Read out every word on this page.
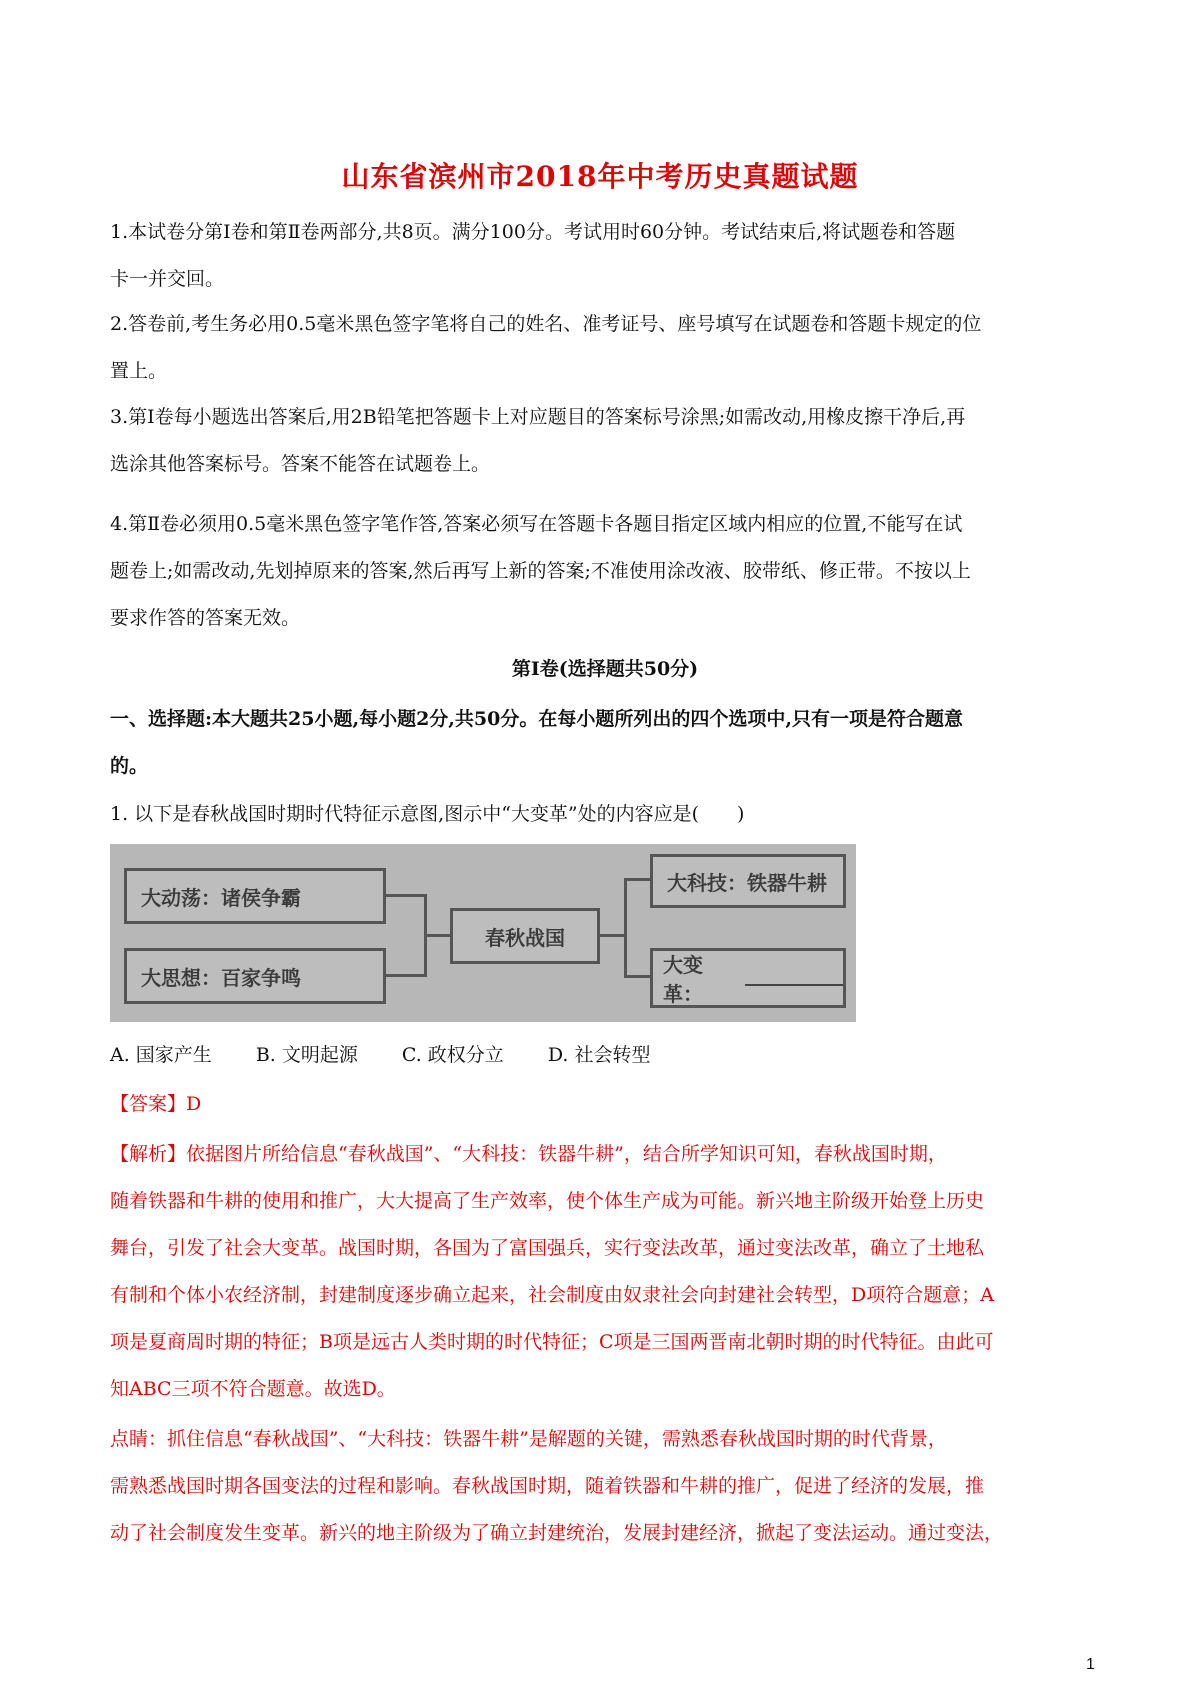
山东省滨州市2018年中考历史真题试题
1.本试卷分第Ⅰ卷和第Ⅱ卷两部分,共8页。满分100分。考试用时60分钟。考试结束后,将试题卷和答题
卡一并交回。
2.答卷前,考生务必用0.5毫米黑色签字笔将自己的姓名、准考证号、座号填写在试题卷和答题卡规定的位
置上。
3.第Ⅰ卷每小题选出答案后,用2B铅笔把答题卡上对应题目的答案标号涂黑;如需改动,用橡皮擦干净后,再
选涂其他答案标号。答案不能答在试题卷上。
4.第Ⅱ卷必须用0.5毫米黑色签字笔作答,答案必须写在答题卡各题目指定区域内相应的位置,不能写在试
题卷上;如需改动,先划掉原来的答案,然后再写上新的答案;不准使用涂改液、胶带纸、修正带。不按以上
要求作答的答案无效。
第Ⅰ卷(选择题共50分)
一、选择题:本大题共25小题,每小题2分,共50分。在每小题所列出的四个选项中,只有一项是符合题意
的。
1. 以下是春秋战国时期时代特征示意图,图示中“大变革”处的内容应是(　　)
大动荡：诸侯争霸
大思想：百家争鸣
春秋战国
大科技：铁器牛耕
大变革：
A. 国家产生 B. 文明起源 C. 政权分立 D. 社会转型
【答案】D
【解析】依据图片所给信息“春秋战国”、“大科技：铁器牛耕”，结合所学知识可知，春秋战国时期，
随着铁器和牛耕的使用和推广，大大提高了生产效率，使个体生产成为可能。新兴地主阶级开始登上历史
舞台，引发了社会大变革。战国时期，各国为了富国强兵，实行变法改革，通过变法改革，确立了土地私
有制和个体小农经济制，封建制度逐步确立起来，社会制度由奴隶社会向封建社会转型，D项符合题意；A
项是夏商周时期的特征；B项是远古人类时期的时代特征；C项是三国两晋南北朝时期的时代特征。由此可
知ABC三项不符合题意。故选D。
点睛：抓住信息“春秋战国”、“大科技：铁器牛耕”是解题的关键，需熟悉春秋战国时期的时代背景，
需熟悉战国时期各国变法的过程和影响。春秋战国时期，随着铁器和牛耕的推广，促进了经济的发展，推
动了社会制度发生变革。新兴的地主阶级为了确立封建统治，发展封建经济，掀起了变法运动。通过变法，
1
